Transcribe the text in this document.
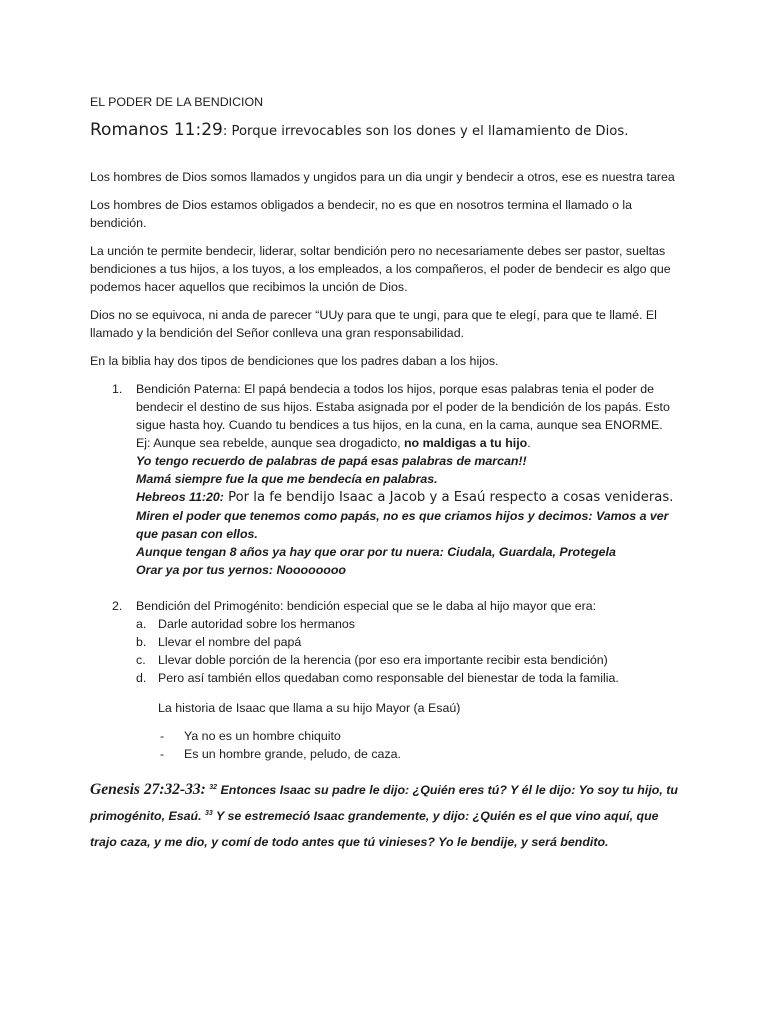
EL PODER DE LA BENDICION
Romanos 11:29: Porque irrevocables son los dones y el llamamiento de Dios.

Los hombres de Dios somos llamados y ungidos para un dia ungir y bendecir a otros, ese es nuestra tarea

Los hombres de Dios estamos obligados a bendecir, no es que en nosotros termina el llamado o la bendición.

La unción te permite bendecir, liderar, soltar bendición pero no necesariamente debes ser pastor, sueltas bendiciones a tus hijos, a los tuyos, a los empleados, a los compañeros, el poder de bendecir es algo que podemos hacer aquellos que recibimos la unción de Dios.

Dios no se equivoca, ni anda de parecer “UUy para que te ungi, para que te elegí, para que te llamé. El llamado y la bendición del Señor conlleva una gran responsabilidad.

En la biblia hay dos tipos de bendiciones que los padres daban a los hijos.

1. Bendición Paterna: El papá bendecia a todos los hijos, porque esas palabras tenia el poder de bendecir el destino de sus hijos. Estaba asignada por el poder de la bendición de los papás. Esto sigue hasta hoy. Cuando tu bendices a tus hijos, en la cuna, en la cama, aunque sea ENORME.
Ej: Aunque sea rebelde, aunque sea drogadicto, no maldigas a tu hijo.
Yo tengo recuerdo de palabras de papá esas palabras de marcan!!
Mamá siempre fue la que me bendecía en palabras.
Hebreos 11:20: Por la fe bendijo Isaac a Jacob y a Esaú respecto a cosas venideras.
Miren el poder que tenemos como papás, no es que criamos hijos y decimos: Vamos a ver que pasan con ellos.
Aunque tengan 8 años ya hay que orar por tu nuera: Ciudala, Guardala, Protegela
Orar ya por tus yernos: Noooooooo
2. Bendición del Primogénito: bendición especial que se le daba al hijo mayor que era:
a. Darle autoridad sobre los hermanos
b. Llevar el nombre del papá
c. Llevar doble porción de la herencia (por eso era importante recibir esta bendición)
d. Pero así también ellos quedaban como responsable del bienestar de toda la familia.
La historia de Isaac que llama a su hijo Mayor (a Esaú)
- Ya no es un hombre chiquito
- Es un hombre grande, peludo, de caza.
Genesis 27:32-33: $^{32}$ Entonces Isaac su padre le dijo: ¿Quién eres tú? Y él le dijo: Yo soy tu hijo, tu primogénito, Esaú. $^{33}$ Y se estremeció Isaac grandemente, y dijo: ¿Quién es el que vino aquí, que trajo caza, y me dio, y comí de todo antes que tú vinieses? Yo le bendije, y será bendito.
